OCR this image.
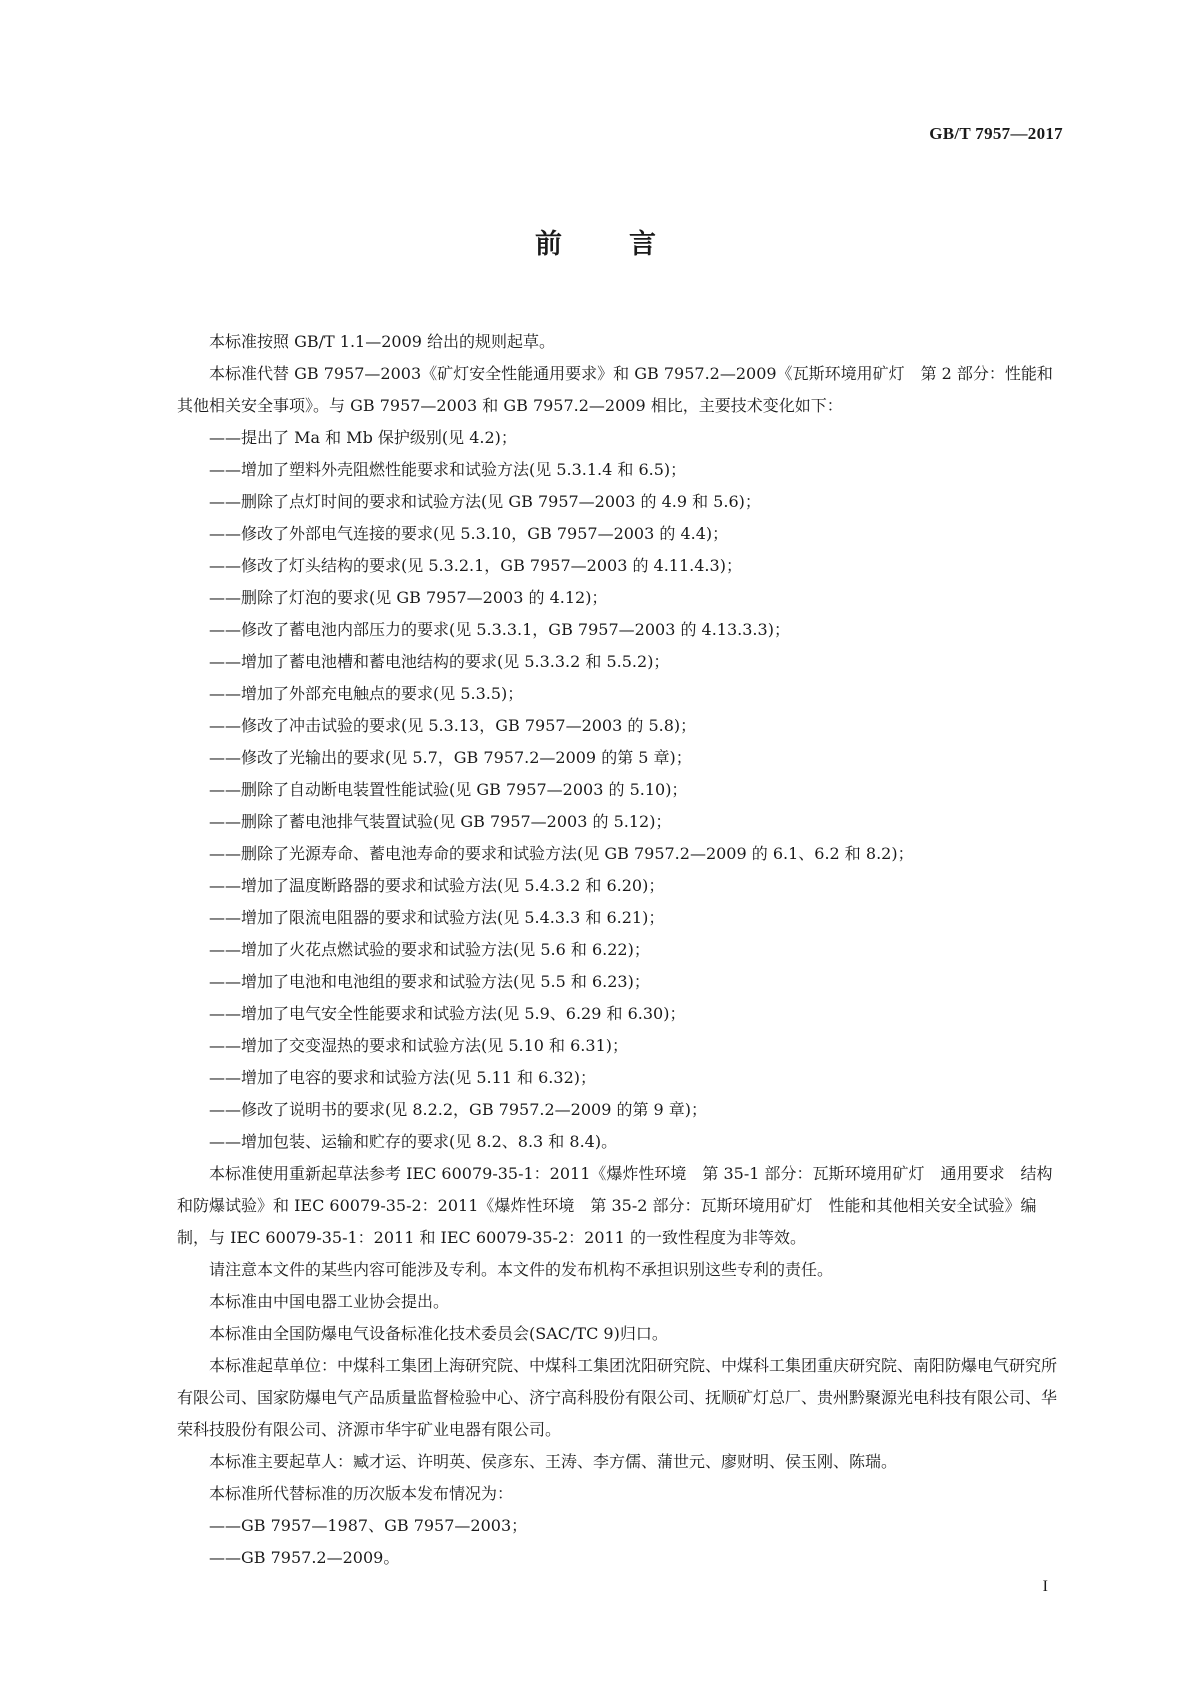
GB/T 7957—2017
前　言

本标准按照 GB/T 1.1—2009 给出的规则起草。

本标准代替 GB 7957—2003《矿灯安全性能通用要求》和 GB 7957.2—2009《瓦斯环境用矿灯　第 2 部分：性能和其他相关安全事项》。与 GB 7957—2003 和 GB 7957.2—2009 相比，主要技术变化如下：

——提出了 Ma 和 Mb 保护级别(见 4.2)；

——增加了塑料外壳阻燃性能要求和试验方法(见 5.3.1.4 和 6.5)；

——删除了点灯时间的要求和试验方法(见 GB 7957—2003 的 4.9 和 5.6)；

——修改了外部电气连接的要求(见 5.3.10，GB 7957—2003 的 4.4)；

——修改了灯头结构的要求(见 5.3.2.1，GB 7957—2003 的 4.11.4.3)；

——删除了灯泡的要求(见 GB 7957—2003 的 4.12)；

——修改了蓄电池内部压力的要求(见 5.3.3.1，GB 7957—2003 的 4.13.3.3)；

——增加了蓄电池槽和蓄电池结构的要求(见 5.3.3.2 和 5.5.2)；

——增加了外部充电触点的要求(见 5.3.5)；

——修改了冲击试验的要求(见 5.3.13，GB 7957—2003 的 5.8)；

——修改了光输出的要求(见 5.7，GB 7957.2—2009 的第 5 章)；

——删除了自动断电装置性能试验(见 GB 7957—2003 的 5.10)；

——删除了蓄电池排气装置试验(见 GB 7957—2003 的 5.12)；

——删除了光源寿命、蓄电池寿命的要求和试验方法(见 GB 7957.2—2009 的 6.1、6.2 和 8.2)；

——增加了温度断路器的要求和试验方法(见 5.4.3.2 和 6.20)；

——增加了限流电阻器的要求和试验方法(见 5.4.3.3 和 6.21)；

——增加了火花点燃试验的要求和试验方法(见 5.6 和 6.22)；

——增加了电池和电池组的要求和试验方法(见 5.5 和 6.23)；

——增加了电气安全性能要求和试验方法(见 5.9、6.29 和 6.30)；

——增加了交变湿热的要求和试验方法(见 5.10 和 6.31)；

——增加了电容的要求和试验方法(见 5.11 和 6.32)；

——修改了说明书的要求(见 8.2.2，GB 7957.2—2009 的第 9 章)；

——增加包装、运输和贮存的要求(见 8.2、8.3 和 8.4)。

本标准使用重新起草法参考 IEC 60079-35-1：2011《爆炸性环境　第 35-1 部分：瓦斯环境用矿灯　通用要求　结构和防爆试验》和 IEC 60079-35-2：2011《爆炸性环境　第 35-2 部分：瓦斯环境用矿灯　性能和其他相关安全试验》编制，与 IEC 60079-35-1：2011 和 IEC 60079-35-2：2011 的一致性程度为非等效。

请注意本文件的某些内容可能涉及专利。本文件的发布机构不承担识别这些专利的责任。

本标准由中国电器工业协会提出。

本标准由全国防爆电气设备标准化技术委员会(SAC/TC 9)归口。

本标准起草单位：中煤科工集团上海研究院、中煤科工集团沈阳研究院、中煤科工集团重庆研究院、南阳防爆电气研究所有限公司、国家防爆电气产品质量监督检验中心、济宁高科股份有限公司、抚顺矿灯总厂、贵州黔聚源光电科技有限公司、华荣科技股份有限公司、济源市华宇矿业电器有限公司。

本标准主要起草人：臧才运、许明英、侯彦东、王涛、李方儒、蒲世元、廖财明、侯玉刚、陈瑞。

本标准所代替标准的历次版本发布情况为：

——GB 7957—1987、GB 7957—2003；

——GB 7957.2—2009。

I
